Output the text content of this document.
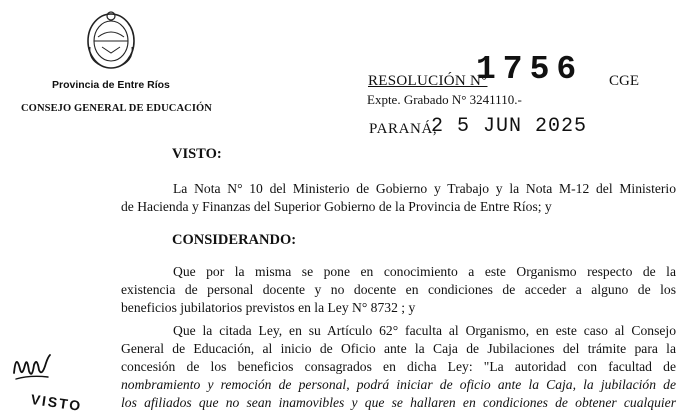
Provincia de Entre Ríos
CONSEJO GENERAL DE EDUCACIÓN
RESOLUCIÓN N°
1756 CGE
Expte. Grabado N° 3241110.-
PARANÁ,
2 5 JUN 2025
VISTO:
La Nota N° 10 del Ministerio de Gobierno y Trabajo y la Nota M-12 del Ministerio
de Hacienda y Finanzas del Superior Gobierno de la Provincia de Entre Ríos; y
CONSIDERANDO:
Que por la misma se pone en conocimiento a este Organismo respecto de la
existencia de personal docente y no docente en condiciones de acceder a alguno de los
beneficios jubilatorios previstos en la Ley N° 8732 ; y
Que la citada Ley, en su Artículo 62° faculta al Organismo, en este caso al Consejo
General de Educación, al inicio de Oficio ante la Caja de Jubilaciones del trámite para la
concesión de los beneficios consagrados en dicha Ley: "La autoridad con facultad de
nombramiento y remoción de personal, podrá iniciar de oficio ante la Caja, la jubilación de
los afiliados que no sean inamovibles y que se hallaren en condiciones de obtener cualquier
VISTO
